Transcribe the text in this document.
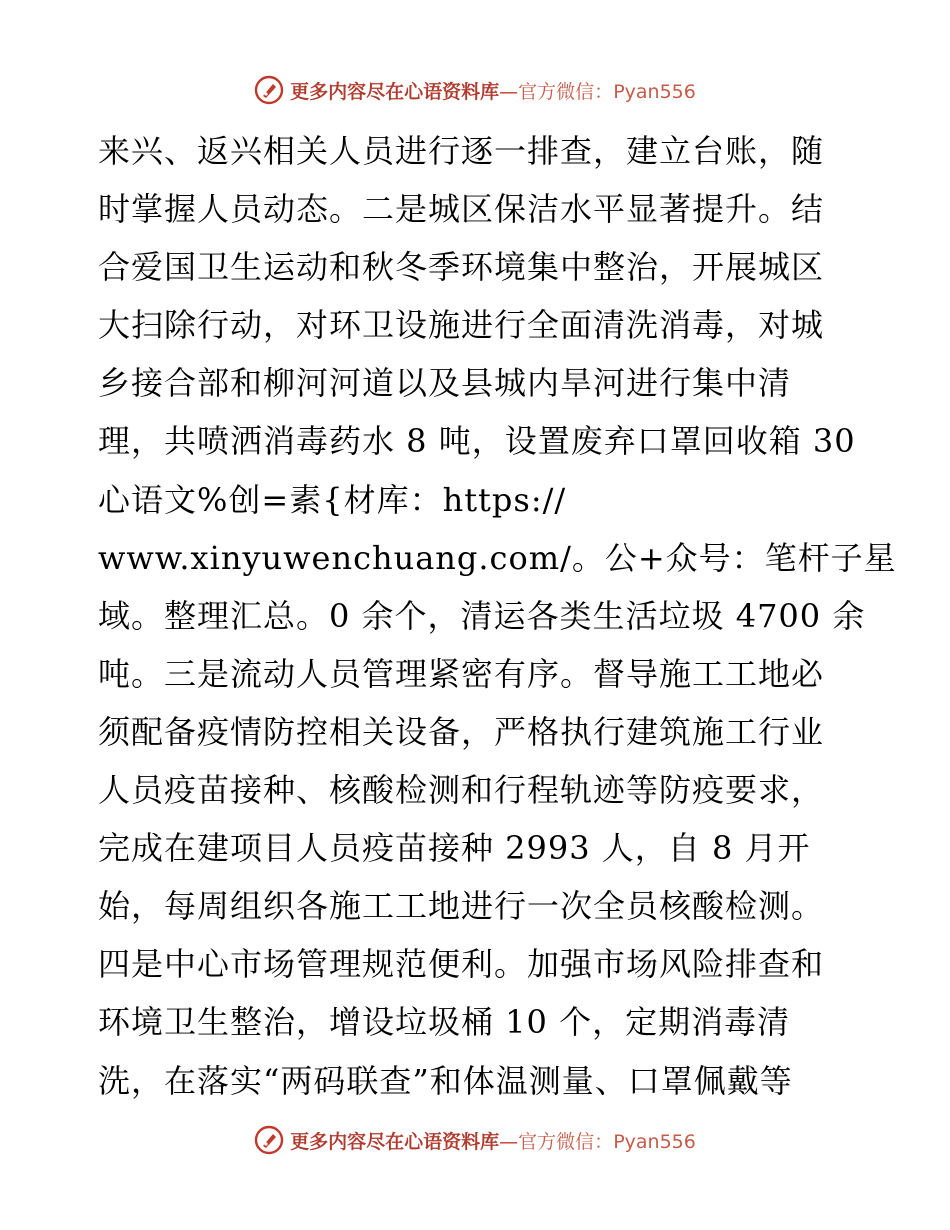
更多内容尽在心语资料库—官方微信：Pyan556
来兴、返兴相关人员进行逐一排查，建立台账，随
时掌握人员动态。二是城区保洁水平显著提升。结
合爱国卫生运动和秋冬季环境集中整治，开展城区
大扫除行动，对环卫设施进行全面清洗消毒，对城
乡接合部和柳河河道以及县城内旱河进行集中清
理，共喷洒消毒药水 8 吨，设置废弃口罩回收箱 30
心语文%创=素{材库：https://
www.xinyuwenchuang.com/。公+众号：笔杆子星
域。整理汇总。0 余个，清运各类生活垃圾 4700 余
吨。三是流动人员管理紧密有序。督导施工工地必
须配备疫情防控相关设备，严格执行建筑施工行业
人员疫苗接种、核酸检测和行程轨迹等防疫要求，
完成在建项目人员疫苗接种 2993 人，自 8 月开
始，每周组织各施工工地进行一次全员核酸检测。
四是中心市场管理规范便利。加强市场风险排查和
环境卫生整治，增设垃圾桶 10 个，定期消毒清
洗，在落实“两码联查”和体温测量、口罩佩戴等
更多内容尽在心语资料库—官方微信：Pyan556
